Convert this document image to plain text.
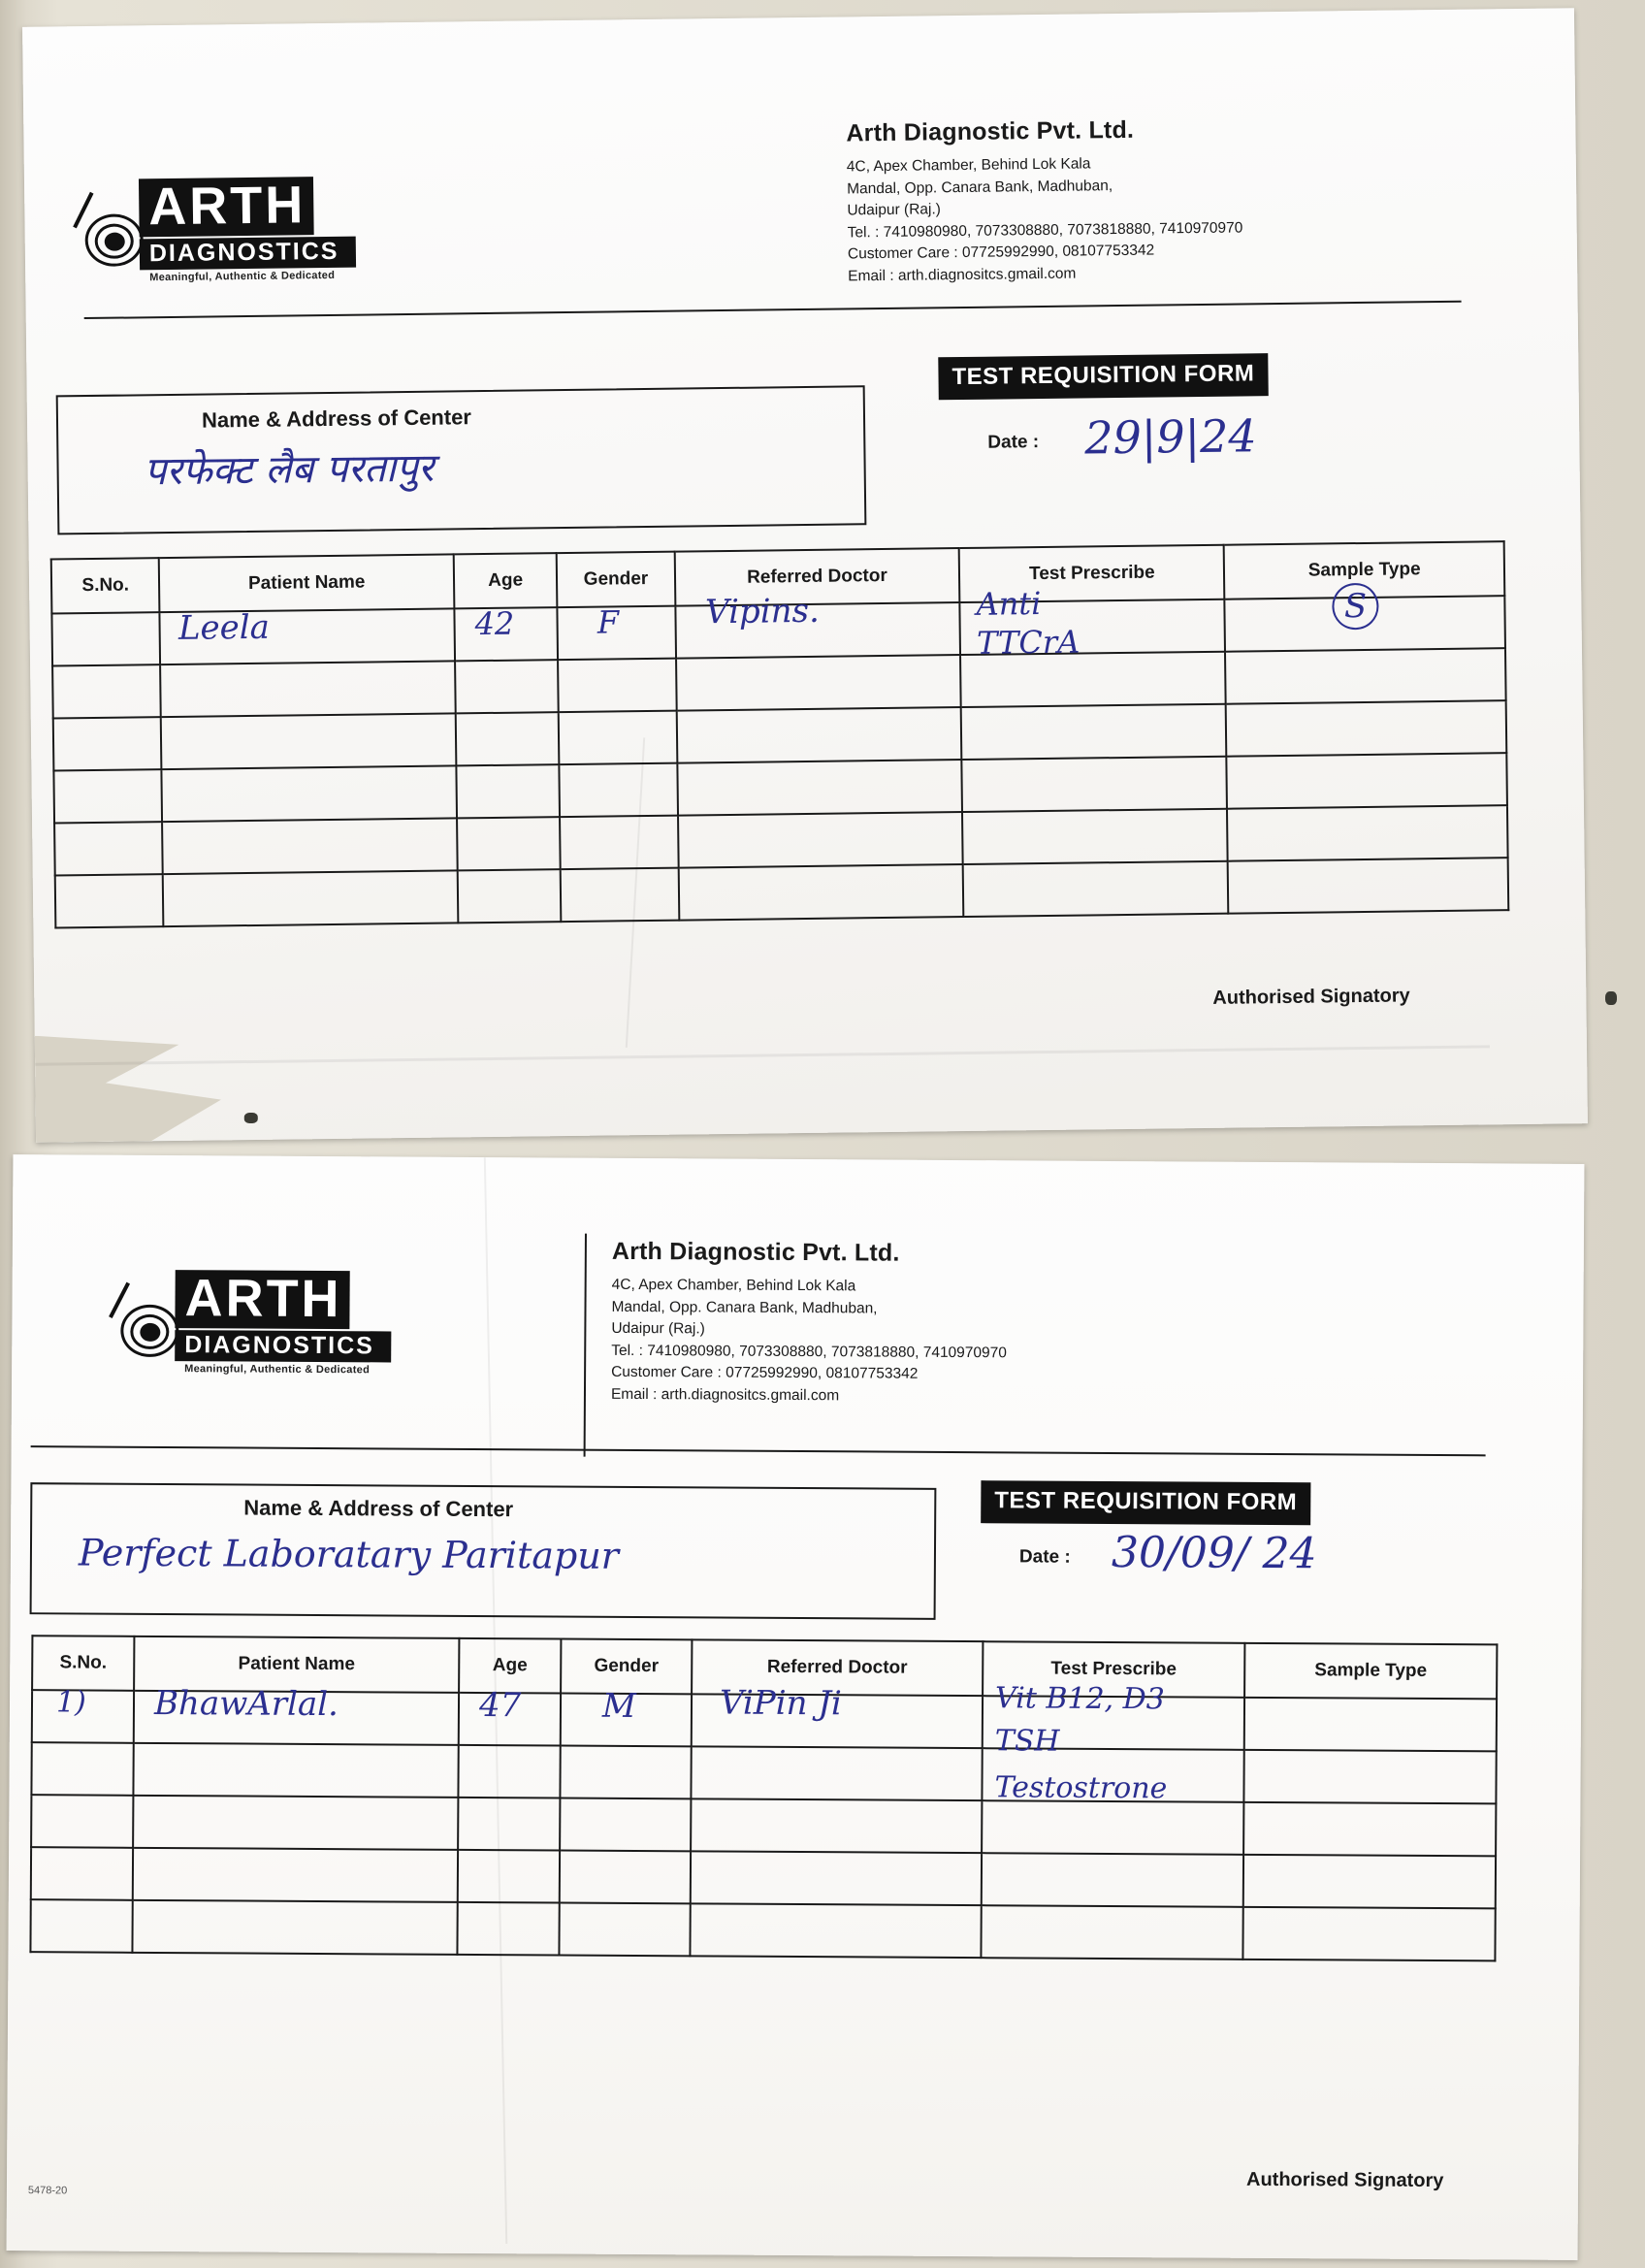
ARTH
DIAGNOSTICS
Meaningful, Authentic & Dedicated
Arth Diagnostic Pvt. Ltd.
4C, Apex Chamber, Behind Lok Kala
Mandal, Opp. Canara Bank, Madhuban,
Udaipur (Raj.)
Tel. : 7410980980, 7073308880, 7073818880, 7410970970
Customer Care : 07725992990, 08107753342
Email : arth.diagnositcs.gmail.com
TEST REQUISITION FORM
Name & Address of Center
परफेक्ट लैब परतापुर
Date : 29|9|24
S.No.	Patient Name	Age	Gender	Referred Doctor	Test Prescribe	Sample Type

	Leela	42	F	Vipins.	Anti
TTCrA	S

Authorised Signatory
ARTH
DIAGNOSTICS
Meaningful, Authentic & Dedicated
Arth Diagnostic Pvt. Ltd.
4C, Apex Chamber, Behind Lok Kala
Mandal, Opp. Canara Bank, Madhuban,
Udaipur (Raj.)
Tel. : 7410980980, 7073308880, 7073818880, 7410970970
Customer Care : 07725992990, 08107753342
Email : arth.diagnositcs.gmail.com
TEST REQUISITION FORM
Name & Address of Center
Perfect Laboratary Paritapur	Date : 30/09/ 24
S.No.	Patient Name	Age	Gender	Referred Doctor	Test Prescribe	Sample Type

1)	BhawArlal.	47	M	ViPin Ji	Vit B12, D3
TSH
Testostrone	

Authorised Signatory
5478-20
